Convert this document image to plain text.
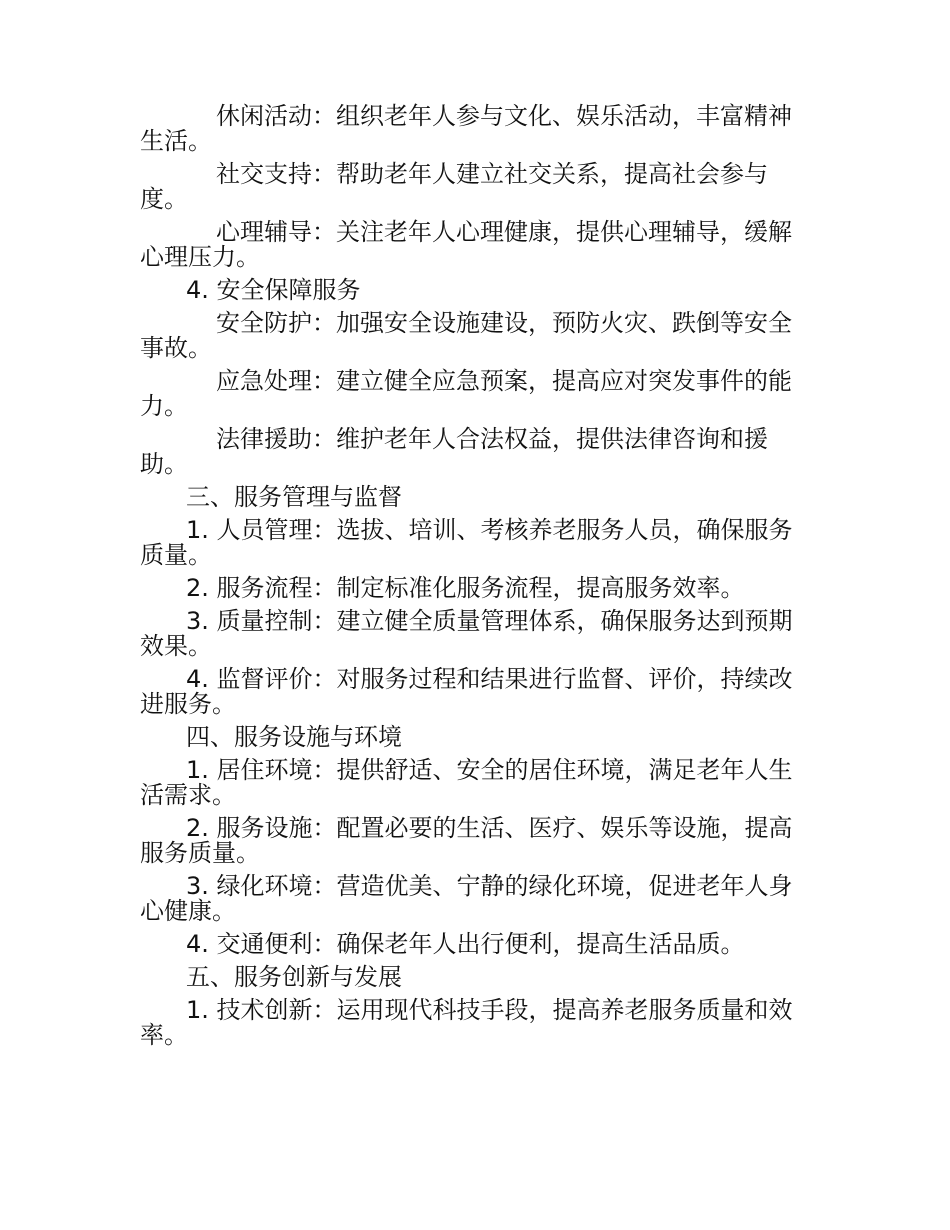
休闲活动：组织老年人参与文化、娱乐活动，丰富精神生活。

社交支持：帮助老年人建立社交关系，提高社会参与度。

心理辅导：关注老年人心理健康，提供心理辅导，缓解心理压力。

4. 安全保障服务

安全防护：加强安全设施建设，预防火灾、跌倒等安全事故。

应急处理：建立健全应急预案，提高应对突发事件的能力。

法律援助：维护老年人合法权益，提供法律咨询和援助。

三、服务管理与监督

1. 人员管理：选拔、培训、考核养老服务人员，确保服务质量。

2. 服务流程：制定标准化服务流程，提高服务效率。

3. 质量控制：建立健全质量管理体系，确保服务达到预期效果。

4. 监督评价：对服务过程和结果进行监督、评价，持续改进服务。

四、服务设施与环境

1. 居住环境：提供舒适、安全的居住环境，满足老年人生活需求。

2. 服务设施：配置必要的生活、医疗、娱乐等设施，提高服务质量。

3. 绿化环境：营造优美、宁静的绿化环境，促进老年人身心健康。

4. 交通便利：确保老年人出行便利，提高生活品质。

五、服务创新与发展

1. 技术创新：运用现代科技手段，提高养老服务质量和效率。
